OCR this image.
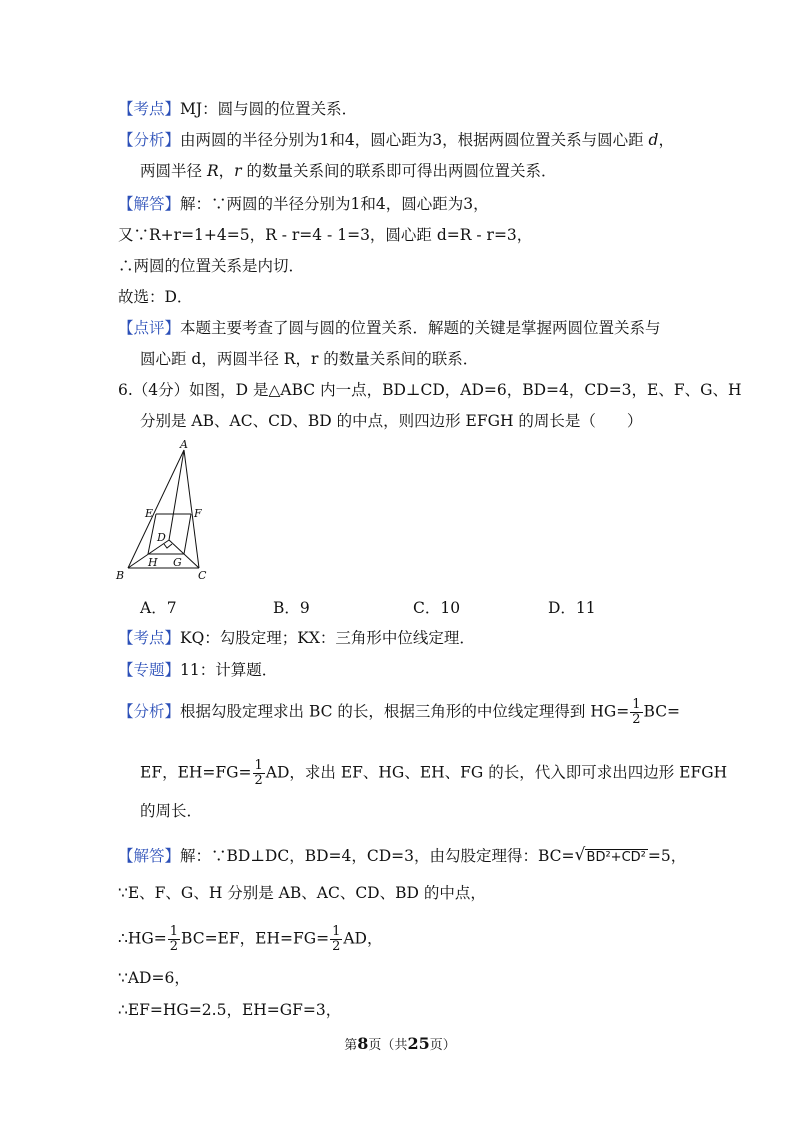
【考点】MJ：圆与圆的位置关系．
【分析】由两圆的半径分别为1和4，圆心距为3，根据两圆位置关系与圆心距 d，
两圆半径 R，r 的数量关系间的联系即可得出两圆位置关系．
【解答】解：∵两圆的半径分别为1和4，圆心距为3，
又∵R+r=1+4=5，R - r=4 - 1=3，圆心距 d=R - r=3，
∴两圆的位置关系是内切．
故选：D．
【点评】本题主要考查了圆与圆的位置关系．解题的关键是掌握两圆位置关系与
圆心距 d，两圆半径 R，r 的数量关系间的联系．
6.（4分）如图，D 是△ABC 内一点，BD⊥CD，AD=6，BD=4，CD=3，E、F、G、H
分别是 AB、AC、CD、BD 的中点，则四边形 EFGH 的周长是（　　）
A
B	C
D
E	F
G
H
A．7	B．9	C．10	D．11
【考点】KQ：勾股定理；KX：三角形中位线定理．
【专题】11：计算题．
【分析】根据勾股定理求出 BC 的长，根据三角形的中位线定理得到 $HG= \frac{1}{2} BC=$
EF，$EH=FG= \frac{1}{2}$ AD，求出 EF、HG、EH、FG 的长，代入即可求出四边形 EFGH
的周长．
【解答】解：∵BD⊥DC，BD=4，CD=3，由勾股定理得：BC= √ BD²+CD² =5，
∵E、F、G、H 分别是 AB、AC、CD、BD 的中点，
∴HG= $\frac{1}{2} BC=EF$，$EH=FG= \frac{1}{2}$ AD，
∵AD=6，
∴EF=HG=2.5，EH=GF=3，
第8页（共25页）
